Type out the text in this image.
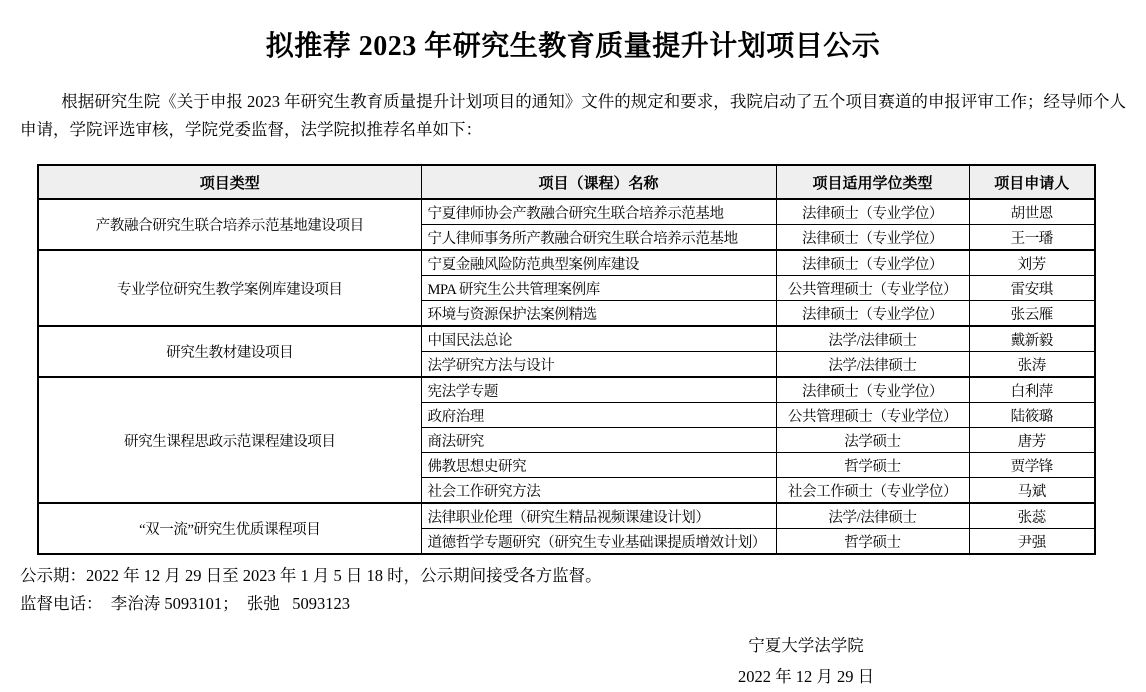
拟推荐 2023 年研究生教育质量提升计划项目公示

根据研究生院《关于申报 2023 年研究生教育质量提升计划项目的通知》文件的规定和要求，我院启动了五个项目赛道的申报评审工作；经导师个人申请，学院评选审核，学院党委监督，法学院拟推荐名单如下：

项目类型	项目（课程）名称	项目适用学位类型	项目申请人
产教融合研究生联合培养示范基地建设项目	宁夏律师协会产教融合研究生联合培养示范基地	法律硕士（专业学位）	胡世恩
	宁人律师事务所产教融合研究生联合培养示范基地	法律硕士（专业学位）	王一璠
专业学位研究生教学案例库建设项目	宁夏金融风险防范典型案例库建设	法律硕士（专业学位）	刘芳
	MPA 研究生公共管理案例库	公共管理硕士（专业学位）	雷安琪
	环境与资源保护法案例精选	法律硕士（专业学位）	张云雁
研究生教材建设项目	中国民法总论	法学/法律硕士	戴新毅
	法学研究方法与设计	法学/法律硕士	张涛
研究生课程思政示范课程建设项目	宪法学专题	法律硕士（专业学位）	白利萍
	政府治理	公共管理硕士（专业学位）	陆筱璐
	商法研究	法学硕士	唐芳
	佛教思想史研究	哲学硕士	贾学锋
	社会工作研究方法	社会工作硕士（专业学位）	马斌
“双一流”研究生优质课程项目	法律职业伦理（研究生精品视频课建设计划）	法学/法律硕士	张蕊
	道德哲学专题研究（研究生专业基础课提质增效计划）	哲学硕士	尹强

公示期：2022 年 12 月 29 日至 2023 年 1 月 5 日 18 时，公示期间接受各方监督。

监督电话：  李治涛 5093101；  张弛   5093123

宁夏大学法学院
2022 年 12 月 29 日
